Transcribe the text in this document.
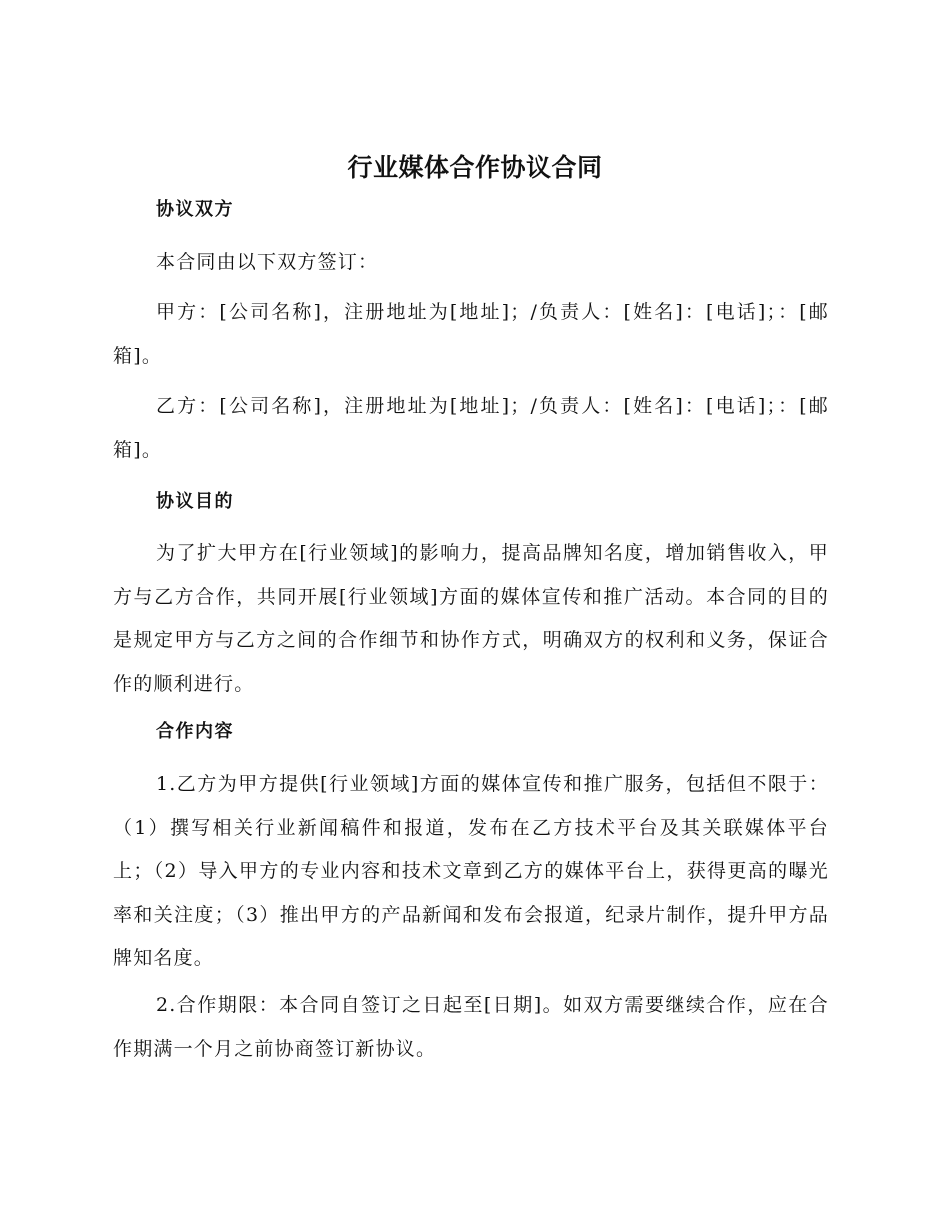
行业媒体合作协议合同
协议双方

本合同由以下双方签订：

甲方：[公司名称]，注册地址为[地址]；/负责人：[姓名]：[电话]；：[邮箱]。

乙方：[公司名称]，注册地址为[地址]；/负责人：[姓名]：[电话]；：[邮箱]。

协议目的

为了扩大甲方在[行业领域]的影响力，提高品牌知名度，增加销售收入，甲方与乙方合作，共同开展[行业领域]方面的媒体宣传和推广活动。本合同的目的是规定甲方与乙方之间的合作细节和协作方式，明确双方的权利和义务，保证合作的顺利进行。

合作内容

1.乙方为甲方提供[行业领域]方面的媒体宣传和推广服务，包括但不限于：（1）撰写相关行业新闻稿件和报道，发布在乙方技术平台及其关联媒体平台上；（2）导入甲方的专业内容和技术文章到乙方的媒体平台上，获得更高的曝光率和关注度；（3）推出甲方的产品新闻和发布会报道，纪录片制作，提升甲方品牌知名度。

2.合作期限：本合同自签订之日起至[日期]。如双方需要继续合作，应在合作期满一个月之前协商签订新协议。
